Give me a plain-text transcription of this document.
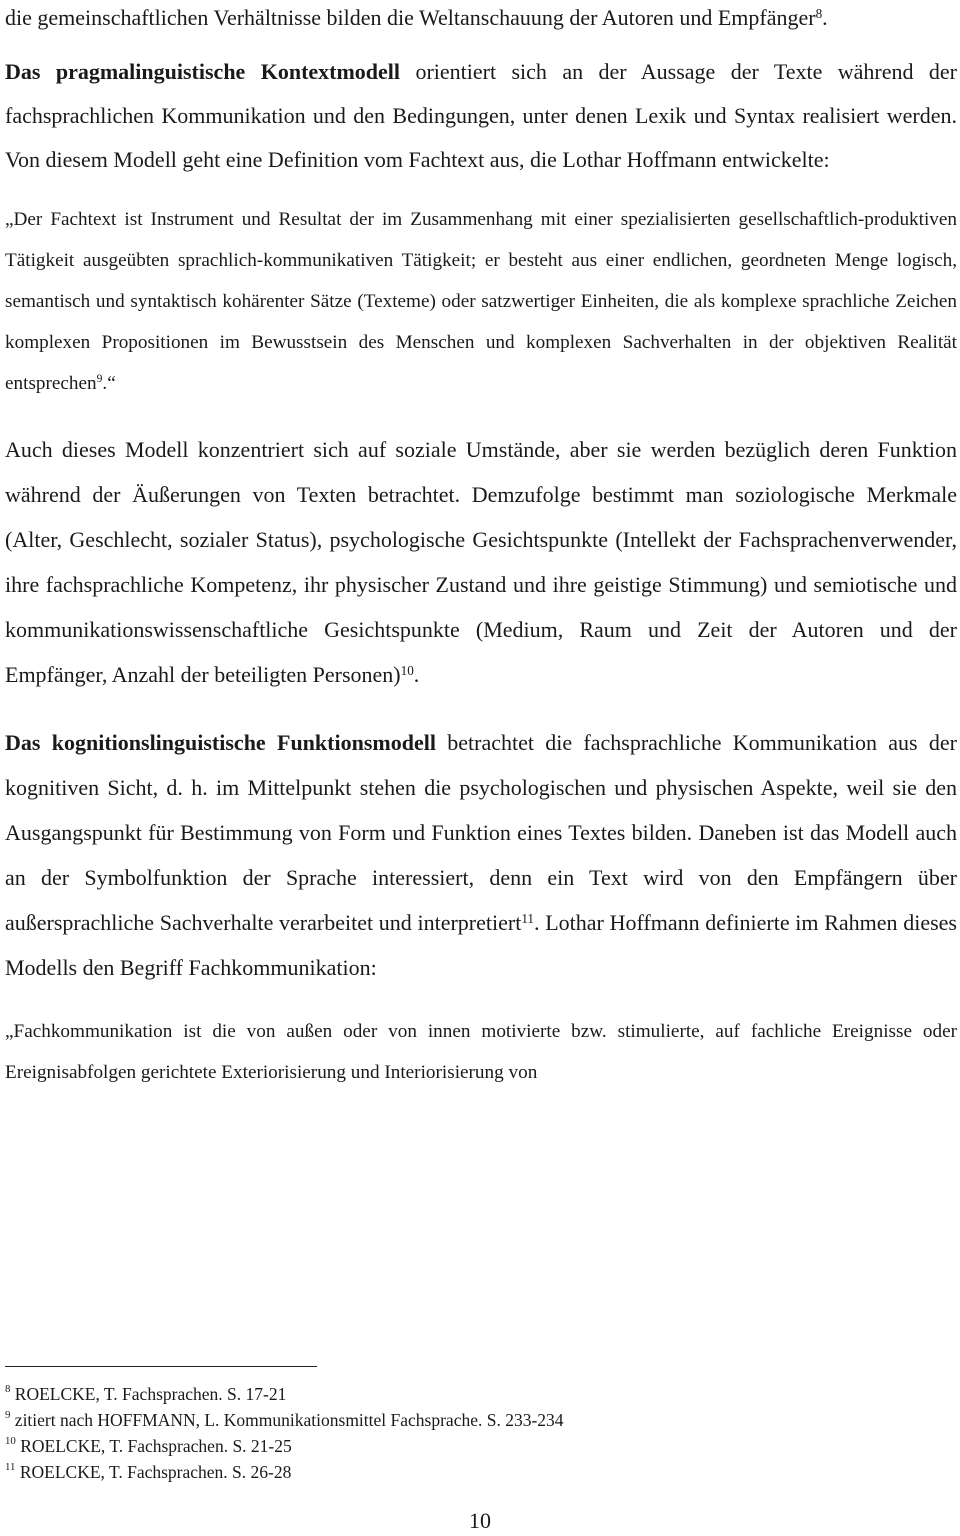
die gemeinschaftlichen Verhältnisse bilden die Weltanschauung der Autoren und Empfänger$^8$.

Das pragmalinguistische Kontextmodell orientiert sich an der Aussage der Texte während der fachsprachlichen Kommunikation und den Bedingungen, unter denen Lexik und Syntax realisiert werden. Von diesem Modell geht eine Definition vom Fachtext aus, die Lothar Hoffmann entwickelte:

„Der Fachtext ist Instrument und Resultat der im Zusammenhang mit einer spezialisierten gesellschaftlich-produktiven Tätigkeit ausgeübten sprachlich-kommunikativen Tätigkeit; er besteht aus einer endlichen, geordneten Menge logisch, semantisch und syntaktisch kohärenter Sätze (Texteme) oder satzwertiger Einheiten, die als komplexe sprachliche Zeichen komplexen Propositionen im Bewusstsein des Menschen und komplexen Sachverhalten in der objektiven Realität entsprechen$^9$.“

Auch dieses Modell konzentriert sich auf soziale Umstände, aber sie werden bezüglich deren Funktion während der Äußerungen von Texten betrachtet. Demzufolge bestimmt man soziologische Merkmale (Alter, Geschlecht, sozialer Status), psychologische Gesichtspunkte (Intellekt der Fachsprachenverwender, ihre fachsprachliche Kompetenz, ihr physischer Zustand und ihre geistige Stimmung) und semiotische und kommunikationswissenschaftliche Gesichtspunkte (Medium, Raum und Zeit der Autoren und der Empfänger, Anzahl der beteiligten Personen)$^{10}$.

Das kognitionslinguistische Funktionsmodell betrachtet die fachsprachliche Kommunikation aus der kognitiven Sicht, d. h. im Mittelpunkt stehen die psychologischen und physischen Aspekte, weil sie den Ausgangspunkt für Bestimmung von Form und Funktion eines Textes bilden. Daneben ist das Modell auch an der Symbolfunktion der Sprache interessiert, denn ein Text wird von den Empfängern über außersprachliche Sachverhalte verarbeitet und interpretiert$^{11}$. Lothar Hoffmann definierte im Rahmen dieses Modells den Begriff Fachkommunikation:

„Fachkommunikation ist die von außen oder von innen motivierte bzw. stimulierte, auf fachliche Ereignisse oder Ereignisabfolgen gerichtete Exteriorisierung und Interiorisierung von

$^8$ ROELCKE, T. Fachsprachen. S. 17-21
$^9$ zitiert nach HOFFMANN, L. Kommunikationsmittel Fachsprache. S. 233-234
$^{10}$ ROELCKE, T. Fachsprachen. S. 21-25
$^{11}$ ROELCKE, T. Fachsprachen. S. 26-28
10
